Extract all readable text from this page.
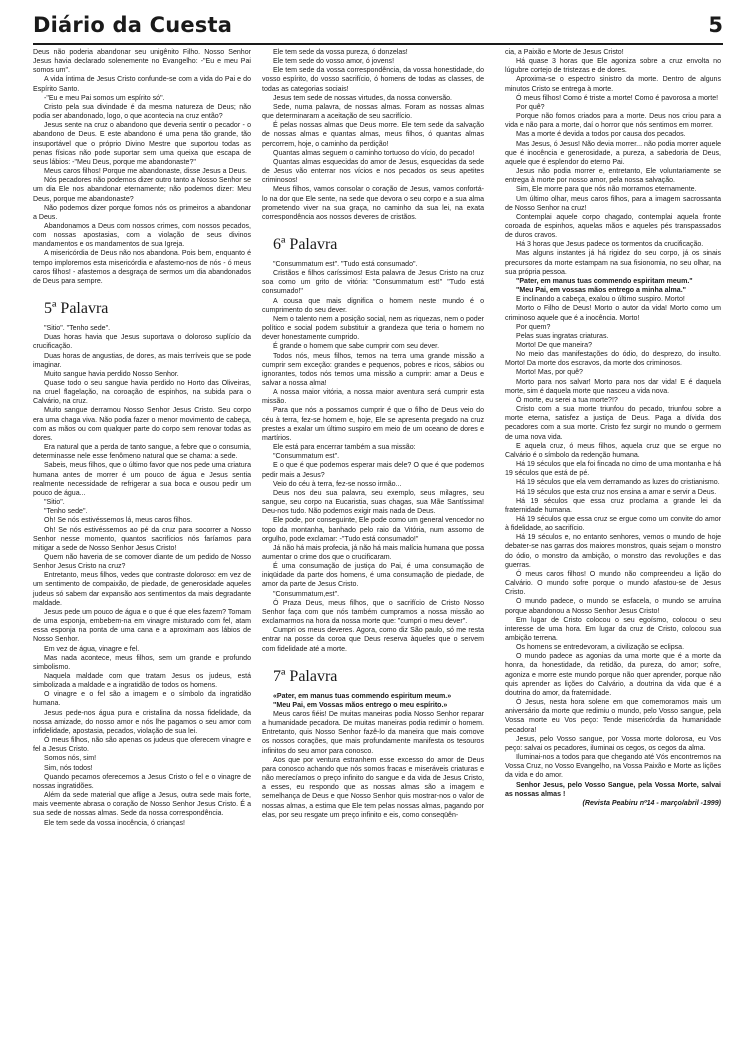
Diário da Cuesta	5

Deus não poderia abandonar seu unigênito Filho. Nosso Senhor Jesus havia declarado solenemente no Evangelho: -"Eu e meu Pai somos um".

A vida íntima de Jesus Cristo confunde-se com a vida do Pai e do Espírito Santo.

-"Eu e meu Pai somos um espírito só".

Cristo pela sua divindade é da mesma natureza de Deus; não podia ser abandonado, logo, o que acontecia na cruz então?

Jesus sente na cruz o abandono que deveria sentir o pecador - o abandono de Deus. E este abandono é uma pena tão grande, tão insuportável que o próprio Divino Mestre que suportou todas as penas físicas não pode suportar sem uma queixa que escapa de seus lábios: -"Meu Deus, porque me abandonaste?"

Meus caros filhos! Porque me abandonaste, disse Jesus a Deus.

Nós pecadores não podemos dizer outro tanto a Nosso Senhor se um dia Ele nos abandonar eternamente; não podemos dizer: Meu Deus, porque me abandonaste?

Não podemos dizer porque fomos nós os primeiros a abandonar a Deus.

Abandonamos a Deus com nossos crimes, com nossos pecados, com nossas apostasias, com a violação de seus divinos mandamentos e os mandamentos de sua Igreja.

A misericórdia de Deus não nos abandona. Pois bem, enquanto é tempo imploremos esta misericórdia e afastemo-nos de nós - ó meus caros filhos! - afastemos a desgraça de sermos um dia abandonados de Deus para sempre.

5ª Palavra

"Sitio". "Tenho sede".

Duas horas havia que Jesus suportava o doloroso suplício da crucificação.

Duas horas de angustias, de dores, as mais terríveis que se pode imaginar.

Muito sangue havia perdido Nosso Senhor.

Quase todo o seu sangue havia perdido no Horto das Oliveiras, na cruel flagelação, na coroação de espinhos, na subida para o Calvário, na cruz.

Muito sangue derramou Nosso Senhor Jesus Cristo. Seu corpo era uma chaga viva. Não podia fazer o menor movimento de cabeça, com as mãos ou com qualquer parte do corpo sem renovar todas as dores.

Era natural que a perda de tanto sangue, a febre que o consumia, determinasse nele esse fenômeno natural que se chama: a sede.

Sabeis, meus filhos, que o último favor que nos pede uma criatura humana antes de morrer é um pouco de água e Jesus sentia realmente necessidade de refrigerar a sua boca e ousou pedir um pouco de água...

"Sitio".

"Tenho sede".

Oh! Se nós estivéssemos lá, meus caros filhos.

Oh! Se nós estivéssemos ao pé da cruz para socorrer a Nosso Senhor nesse momento, quantos sacrifícios nós faríamos para mitigar a sede de Nosso Senhor Jesus Cristo!

Quem não haveria de se comover diante de um pedido de Nosso Senhor Jesus Cristo na cruz?

Entretanto, meus filhos, vedes que contraste doloroso: em vez de um sentimento de compaixão, de piedade, de generosidade aqueles judeus só sabem dar expansão aos sentimentos da mais degradante maldade.

Jesus pede um pouco de água e o que é que eles fazem? Tomam de uma esponja, embebem-na em vinagre misturado com fel, atam essa esponja na ponta de uma cana e a aproximam aos lábios de Nosso Senhor.

Em vez de água, vinagre e fel.

Mas nada acontece, meus filhos, sem um grande e profundo simbolismo.

Naquela maldade com que tratam Jesus os judeus, está simbolizada a maldade e a ingratidão de todos os homens.

O vinagre e o fel são a imagem e o símbolo da ingratidão humana.

Jesus pede-nos água pura e cristalina da nossa fidelidade, da nossa amizade, do nosso amor e nós lhe pagamos o seu amor com infidelidade, apostasia, pecados, violação de sua lei.

Ó meus filhos, não são apenas os judeus que oferecem vinagre e fel a Jesus Cristo.

Somos nós, sim!

Sim, nós todos!

Quando pecamos oferecemos a Jesus Cristo o fel e o vinagre de nossas ingratidões.

Além da sede material que aflige a Jesus, outra sede mais forte, mais veemente abrasa o coração de Nosso Senhor Jesus Cristo. É a sua sede de nossas almas. Sede da nossa correspondência.

Ele tem sede da vossa inocência, ó crianças!

Ele tem sede da vossa pureza, ó donzelas!

Ele tem sede do vosso amor, ó jovens!

Ele tem sede da vossa correspondência, da vossa honestidade, do vosso espírito, do vosso sacrifício, ó homens de todas as classes, de todas as categorias sociais!

Jesus tem sede de nossas virtudes, da nossa conversão.

Sede, numa palavra, de nossas almas. Foram as nossas almas que determinaram a aceitação de seu sacrifício.

É pelas nossas almas que Deus morre. Ele tem sede da salvação de nossas almas e quantas almas, meus filhos, ó quantas almas percorrem, hoje, o caminho da perdição!

Quantas almas seguem o caminho tortuoso do vício, do pecado!

Quantas almas esquecidas do amor de Jesus, esquecidas da sede de Jesus vão enterrar nos vícios e nos pecados os seus apetites criminosos!

Meus filhos, vamos consolar o coração de Jesus, vamos confortá-lo na dor que Ele sente, na sede que devora o seu corpo e a sua alma prometendo viver na sua graça, no caminho da sua lei, na exata correspondência aos nossos deveres de cristãos.

6ª Palavra

"Consummatum est". "Tudo está consumado".

Cristãos e filhos caríssimos! Esta palavra de Jesus Cristo na cruz soa como um grito de vitória: "Consummatum est!" "Tudo está consumado!"

A cousa que mais dignifica o homem neste mundo é o cumprimento do seu dever.

Nem o talento nem a posição social, nem as riquezas, nem o poder político e social podem substituir a grandeza que teria o homem no dever honestamente cumprido.

É grande o homem que sabe cumprir com seu dever.

Todos nós, meus filhos, temos na terra uma grande missão a cumprir sem exceção: grandes e pequenos, pobres e ricos, sábios ou ignorantes, todos nós temos uma missão a cumprir: amar a Deus e salvar a nossa alma!

A nossa maior vitória, a nossa maior aventura será cumprir esta missão.

Para que nós a possamos cumprir é que o filho de Deus veio do céu à terra, fez-se homem e, hoje, Ele se apresenta pregado na cruz prestes a exalar um último suspiro em meio de um oceano de dores e martírios.

Ele está para encerrar também a sua missão:

"Consummatum est".

E o que é que podemos esperar mais dele? O que é que podemos pedir mais a Jesus?

Veio do céu à terra, fez-se nosso irmão...

Deus nos deu sua palavra, seu exemplo, seus milagres, seu sangue, seu corpo na Eucaristia, suas chagas, sua Mãe Santíssima! Deu-nos tudo. Não podemos exigir mais nada de Deus.

Ele pode, por conseguinte, Ele pode como um general vencedor no topo da montanha, banhado pelo raio da Vitória, num assomo de orgulho, pode exclamar: -"Tudo está consumado!"

Já não há mais profecia, já não há mais malícia humana que possa aumentar o crime dos que o crucificaram.

É uma consumação de justiça do Pai, é uma consumação de iniqüidade da parte dos homens, é uma consumação de piedade, de amor da parte de Jesus Cristo.

"Consummatum,est".

Ó Prazа Deus, meus filhos, que o sacrifício de Cristo Nosso Senhor faça com que nós também cumpramos a nossa missão ao exclamarmos na hora da nossa morte que: "cumpri o meu dever".

Cumpri os meus deveres. Agora, como diz São paulo, só me resta entrar na posse da coroa que Deus reserva àqueles que o servem com fidelidade até a morte.

7ª Palavra

«Pater, em manus tuas commendo espiritum meum.»

"Meu Pai, em Vossas mãos entrego o meu espírito.»

Meus caros fiéis! De muitas maneiras podia Nosso Senhor reparar a humanidade pecadora. De muitas maneiras podia redimir o homem. Entretanto, quis Nosso Senhor fazê-lo da maneira que mais comove os nossos corações, que mais profundamente manifesta os tesouros infinitos do seu amor para conosco.

Aos que por ventura estranhem esse excesso do amor de Deus para conosco achando que nós somos fracas e miseráveis criaturas e não merecíamos o preço infinito do sangue e da vida de Jesus Cristo, a esses, eu respondo que as nossas almas são a imagem e semelhança de Deus e que Nosso Senhor quis mostrar-nos o valor de nossas almas, a estima que Ele tem pelas nossas almas, pagando por elas, por seu resgate um preço infinito e eis, como conseqüên-

cia, a Paixão e Morte de Jesus Cristo!

Há quase 3 horas que Ele agoniza sobre a cruz envolta no lúgubre cortejo de tristezas e de dores.

Aproxima-se o espectro sinistro da morte. Dentro de alguns minutos Cristo se entrega à morte.

Ó meus filhos! Como é triste a morte! Como é pavorosa a morte!

Por quê?

Porque não fomos criados para a morte. Deus nos criou para a vida e não para a morte, daí o horror que nós sentimos em morrer.

Mas a morte é devida a todos por causa dos pecados.

Mas Jesus, ó Jesus! Não devia morrer... não podia morrer aquele que é inocência e generosidade, a pureza, a sabedoria de Deus, aquele que é esplendor do eterno Pai.

Jesus não podia morrer e, entretanto, Ele voluntariamente se entrega à morte por nosso amor, pela nossa salvação.

Sim, Ele morre para que nós não morramos eternamente.

Um último olhar, meus caros filhos, para a imagem sacrossanta de Nosso Senhor na cruz!

Contemplai aquele corpo chagado, contemplai aquela fronte coroada de espinhos, aquelas mãos e aqueles pés transpassados de duros cravos.

Há 3 horas que Jesus padece os tormentos da crucificação.

Mas alguns instantes já há rigidez do seu corpo, já os sinais precursores da morte estampam na sua fisionomia, no seu olhar, na sua própria pessoa.

"Pater, em manus tuas commendo espiritam meum."

"Meu Pai, em vossas mãos entrego a minha alma."

E inclinando a cabeça, exalou o último suspiro. Morto!

Morto o Filho de Deus! Morto o autor da vida! Morto como um criminoso aquele que é a inocência. Morto!

Por quem?

Pelas suas ingratas criaturas.

Morto! De que maneira?

No meio das manifestações do ódio, do desprezo, do insulto. Morto! Da morte dos escravos, da morte dos criminosos.

Morto! Mas, por quê?

Morto para nos salvar! Morto para nos dar vida! E é daquela morte, sim é daquela morte que nasceu a vida nova.

Ó morte, eu serei a tua morte?!?

Cristo com a sua morte triunfou do pecado, triunfou sobre a morte eterna, satisfez a justiça de Deus. Paga a dívida dos pecadores com a sua morte. Cristo fez surgir no mundo o germem de uma nova vida.

E aquela cruz, ó meus filhos, aquela cruz que se ergue no Calvário é o símbolo da redenção humana.

Há 19 séculos que ela foi fincada no cimo de uma montanha e há 19 séculos que está de pé.

Há 19 séculos que ela vem derramando as luzes do cristianismo.

Há 19 séculos que esta cruz nos ensina a amar e servir a Deus.

Há 19 séculos que essa cruz proclama a grande lei da fraternidade humana.

Há 19 séculos que essa cruz se ergue como um convite do amor à fidelidade, ao sacrifício.

Há 19 séculos e, no entanto senhores, vemos o mundo de hoje debater-se nas garras dos maiores monstros, quais sejam o monstro do ódio, o monstro da ambição, o monstro das revoluções e das guerras.

Ó meus caros filhos! O mundo não compreendeu a lição do Calvário. O mundo sofre porque o mundo afastou-se de Jesus Cristo.

O mundo padece, o mundo se esfacela, o mundo se arruína porque abandonou a Nosso Senhor Jesus Cristo!

Em lugar de Cristo colocou o seu egoísmo, colocou o seu interesse de uma hora. Em lugar da cruz de Cristo, colocou sua ambição terrena.

Os homens se entredevoram, a civilização se eclipsa.

O mundo padece as agonias da uma morte que é a morte da honra, da honestidade, da retidão, da pureza, do amor; sofre, agoniza e morre este mundo porque não quer aprender, porque não quis aprender as lições do Calvário, a doutrina da vida que é a doutrina do amor, da fraternidade.

Ó Jesus, nesta hora solene em que comemoramos mais um aniversário da morte que redimiu o mundo, pelo Vosso sangue, pela Vossa morte eu Vos peço: Tende misericórdia da humanidade pecadora!

Jesus, pelo Vosso sangue, por Vossa morte dolorosa, eu Vos peço: salvai os pecadores, iluminai os cegos, os cegos da alma.

Iluminai-nos a todos para que chegando até Vós encontremos na Vossa Cruz, no Vosso Evangelho, na Vossa Paixão e Morte as lições da vida e do amor.

Senhor Jesus, pelo Vosso Sangue, pela Vossa Morte, salvai as nossas almas !

(Revista Peabiru nº14 - março/abril -1999)
